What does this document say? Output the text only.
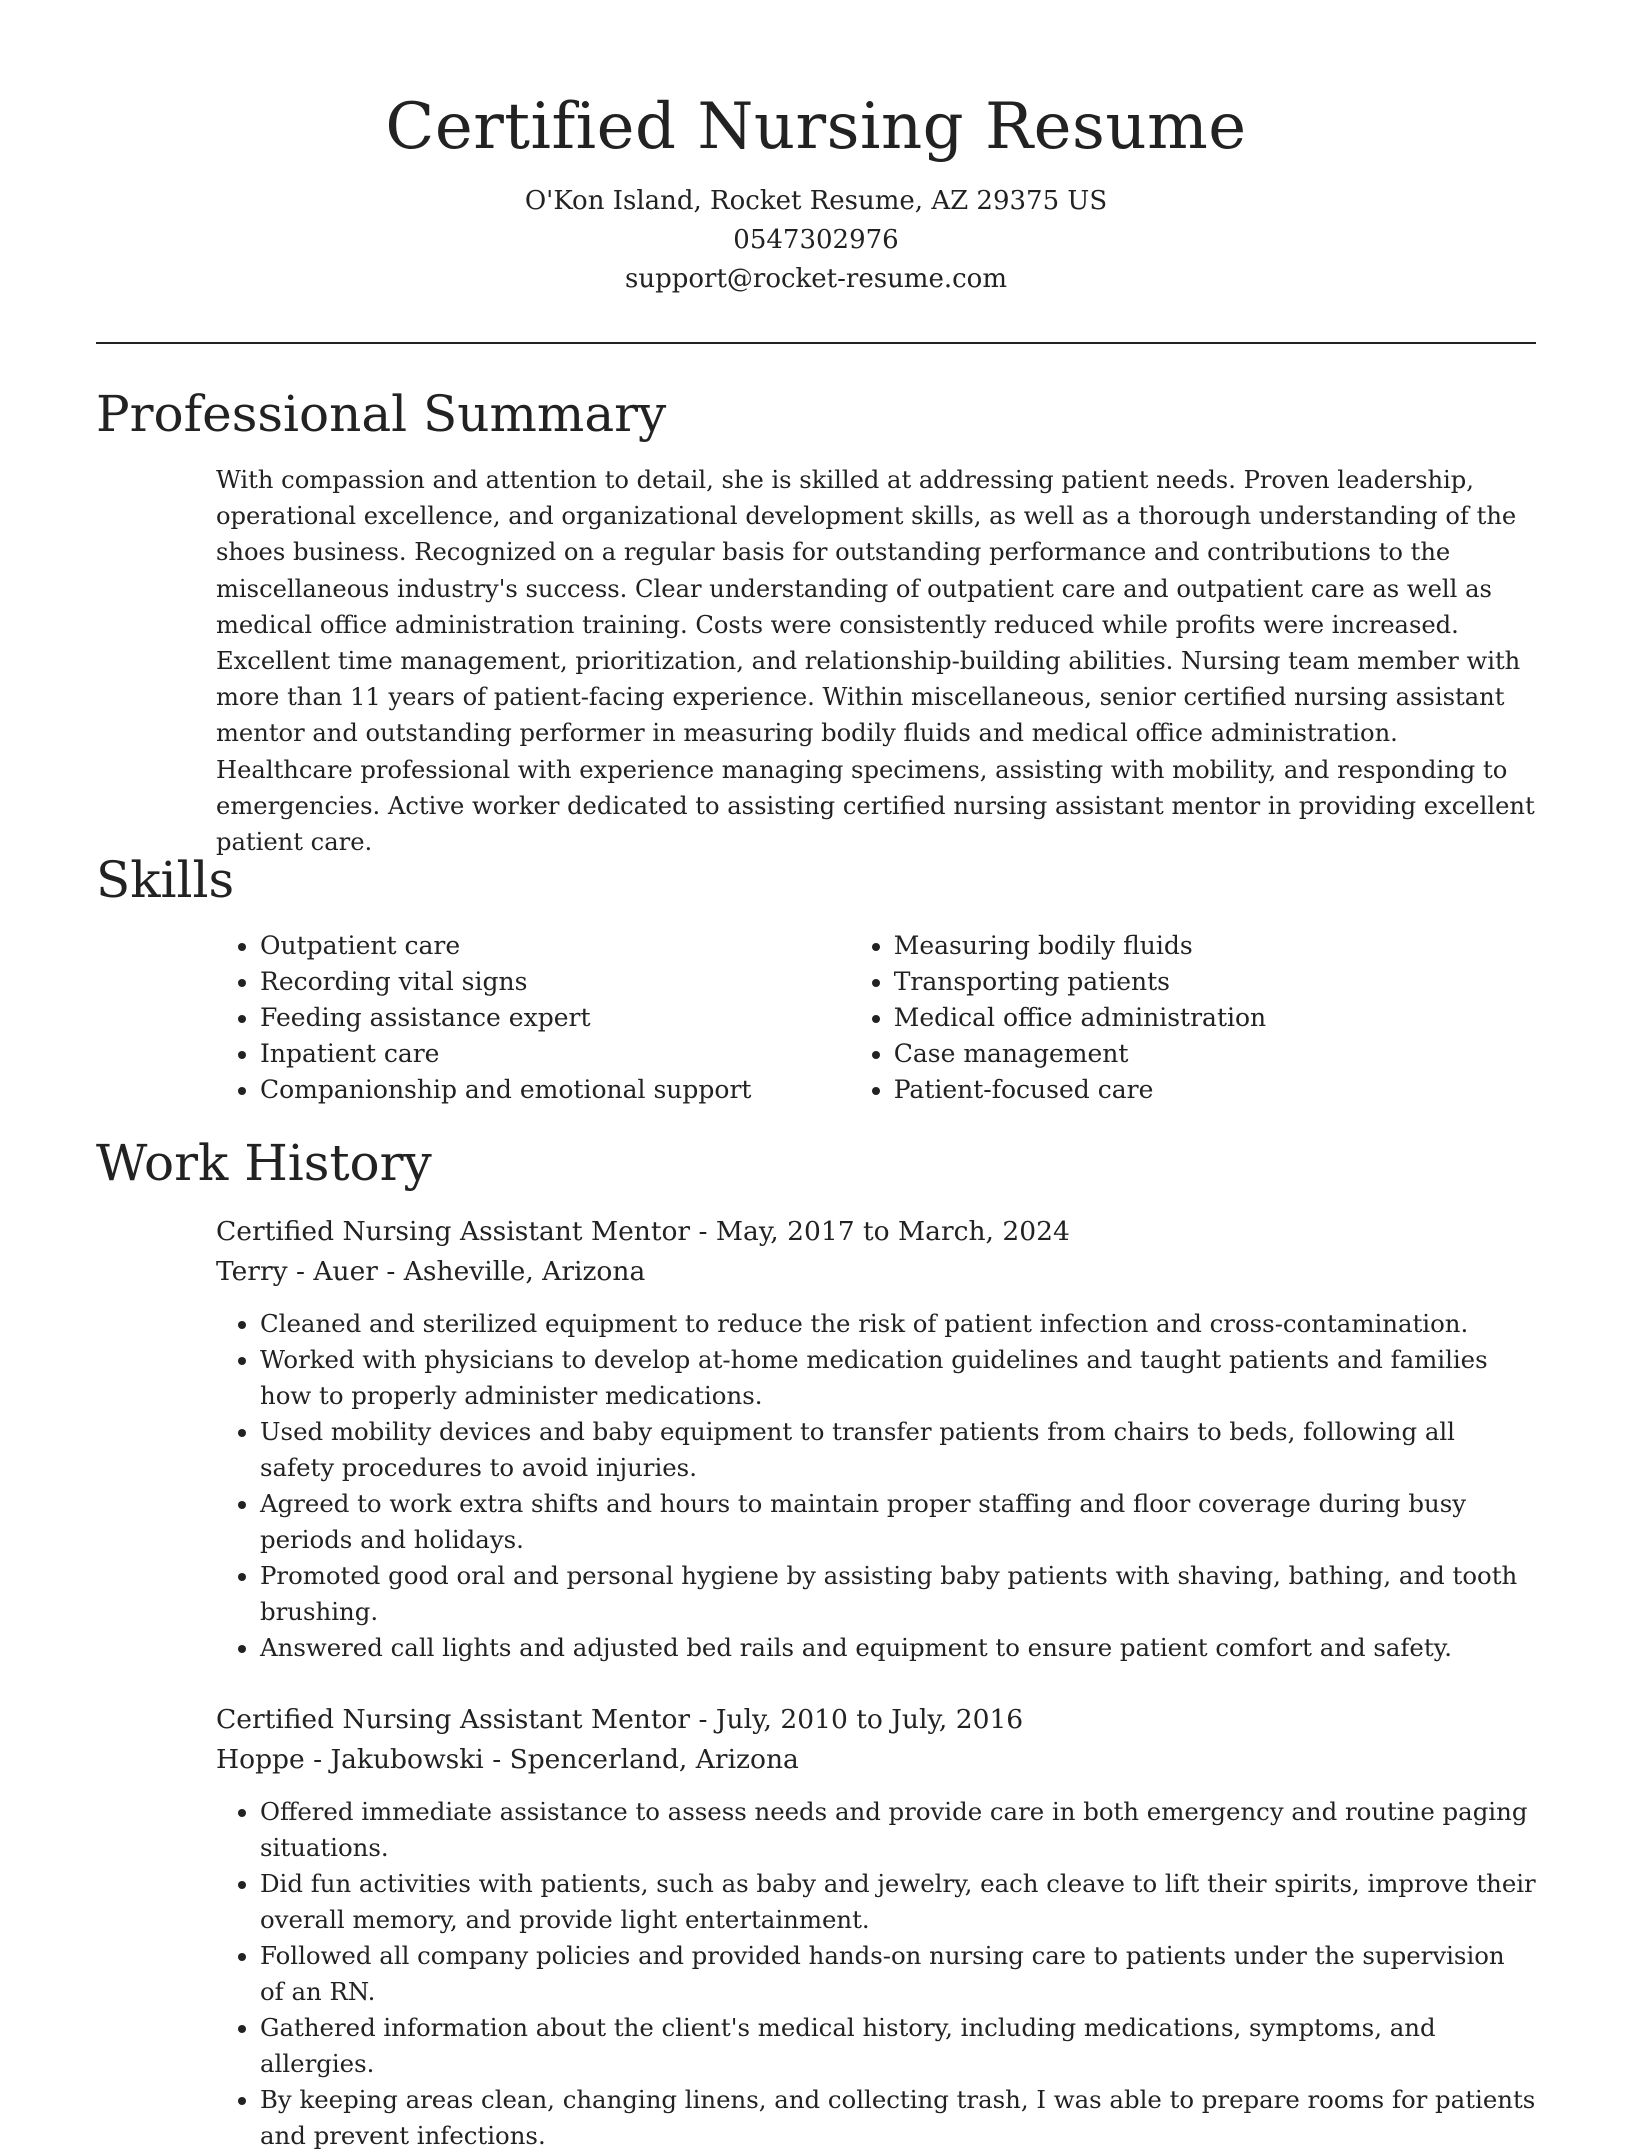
Certified Nursing Resume
O'Kon Island, Rocket Resume, AZ 29375 US
0547302976
support@rocket-resume.com
Professional Summary

With compassion and attention to detail, she is skilled at addressing patient needs. Proven leadership, operational excellence, and organizational development skills, as well as a thorough understanding of the shoes business. Recognized on a regular basis for outstanding performance and contributions to the miscellaneous industry's success. Clear understanding of outpatient care and outpatient care as well as medical office administration training. Costs were consistently reduced while profits were increased. Excellent time management, prioritization, and relationship-building abilities. Nursing team member with more than 11 years of patient-facing experience. Within miscellaneous, senior certified nursing assistant mentor and outstanding performer in measuring bodily fluids and medical office administration. Healthcare professional with experience managing specimens, assisting with mobility, and responding to emergencies. Active worker dedicated to assisting certified nursing assistant mentor in providing excellent patient care.

Skills
• Outpatient care
• Recording vital signs
• Feeding assistance expert
• Inpatient care
• Companionship and emotional support
• Measuring bodily fluids
• Transporting patients
• Medical office administration
• Case management
• Patient-focused care
Work History

Certified Nursing Assistant Mentor - May, 2017 to March, 2024

Terry - Auer - Asheville, Arizona

• Cleaned and sterilized equipment to reduce the risk of patient infection and cross-contamination.
• Worked with physicians to develop at-home medication guidelines and taught patients and families how to properly administer medications.
• Used mobility devices and baby equipment to transfer patients from chairs to beds, following all safety procedures to avoid injuries.
• Agreed to work extra shifts and hours to maintain proper staffing and floor coverage during busy periods and holidays.
• Promoted good oral and personal hygiene by assisting baby patients with shaving, bathing, and tooth brushing.
• Answered call lights and adjusted bed rails and equipment to ensure patient comfort and safety.

Certified Nursing Assistant Mentor - July, 2010 to July, 2016

Hoppe - Jakubowski - Spencerland, Arizona

• Offered immediate assistance to assess needs and provide care in both emergency and routine paging situations.
• Did fun activities with patients, such as baby and jewelry, each cleave to lift their spirits, improve their overall memory, and provide light entertainment.
• Followed all company policies and provided hands-on nursing care to patients under the supervision of an RN.
• Gathered information about the client's medical history, including medications, symptoms, and allergies.
• By keeping areas clean, changing linens, and collecting trash, I was able to prepare rooms for patients and prevent infections.
